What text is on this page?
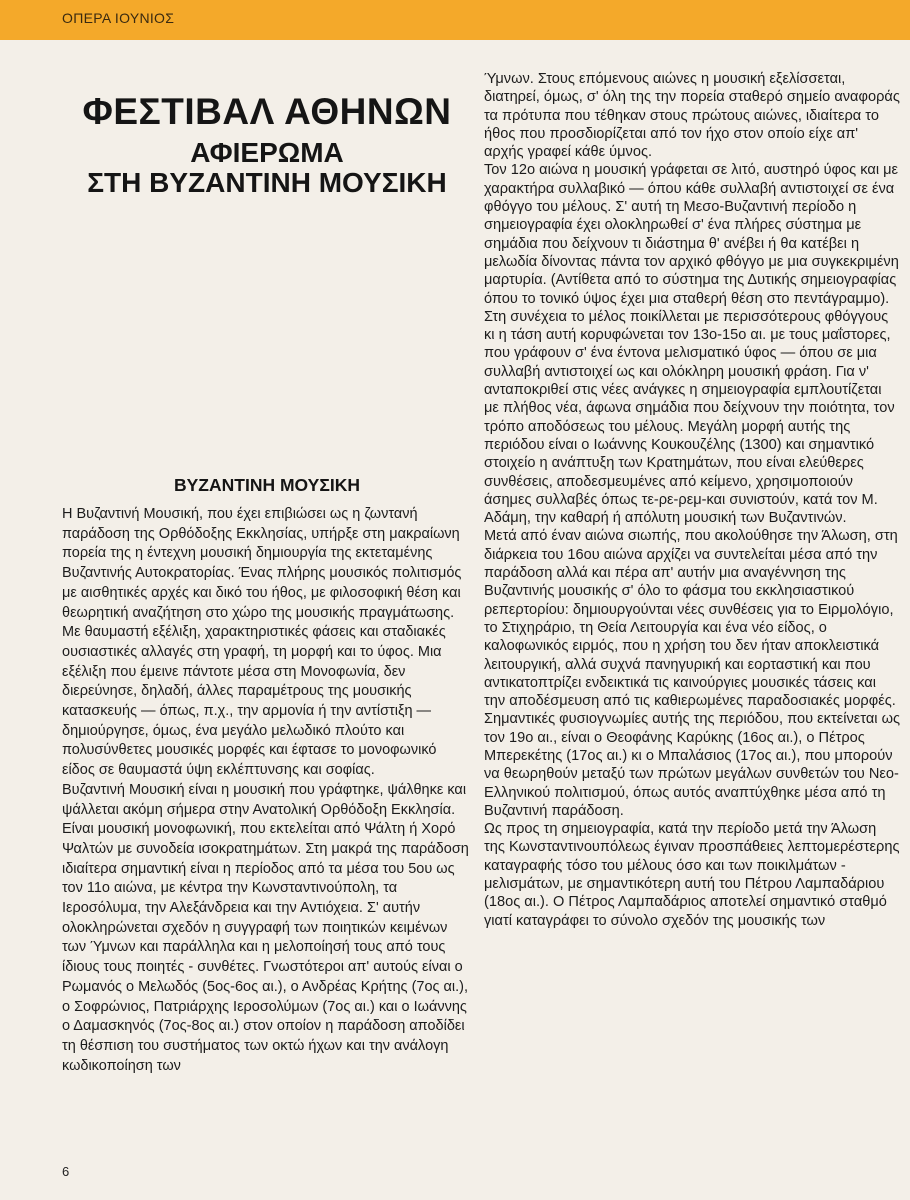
ΟΠΕΡΑ ΙΟΥΝΙΟΣ
ΦΕΣΤΙΒΑΛ ΑΘΗΝΩΝ
ΑΦΙΕΡΩΜΑ
ΣΤΗ ΒΥΖΑΝΤΙΝΗ ΜΟΥΣΙΚΗ
ΒΥΖΑΝΤΙΝΗ ΜΟΥΣΙΚΗ

Η Βυζαντινή Μουσική, που έχει επιβιώσει ως η ζωντανή παράδοση της Ορθόδοξης Εκκλησίας, υπήρξε στη μακραίωνη πορεία της η έντεχνη μουσική δημιουργία της εκτεταμένης Βυζαντινής Αυτοκρατορίας. Ένας πλήρης μουσικός πολιτισμός με αισθητικές αρχές και δικό του ήθος, με φιλοσοφική θέση και θεωρητική αναζήτηση στο χώρο της μουσικής πραγμάτωσης. Με θαυμαστή εξέλιξη, χαρακτηριστικές φάσεις και σταδιακές ουσιαστικές αλλαγές στη γραφή, τη μορφή και το ύφος. Μια εξέλιξη που έμεινε πάντοτε μέσα στη Μονοφωνία, δεν διερεύνησε, δηλαδή, άλλες παραμέτρους της μουσικής κατασκευής — όπως, π.χ., την αρμονία ή την αντίστιξη — δημιούργησε, όμως, ένα μεγάλο μελωδικό πλούτο και πολυσύνθετες μουσικές μορφές και έφτασε το μονοφωνικό είδος σε θαυμαστά ύψη εκλέπτυνσης και σοφίας.

Βυζαντινή Μουσική είναι η μουσική που γράφτηκε, ψάλθηκε και ψάλλεται ακόμη σήμερα στην Ανατολική Ορθόδοξη Εκκλησία. Είναι μουσική μονοφωνική, που εκτελείται από Ψάλτη ή Χορό Ψαλτών με συνοδεία ισοκρατημάτων. Στη μακρά της παράδοση ιδιαίτερα σημαντική είναι η περίοδος από τα μέσα του 5ου ως τον 11ο αιώνα, με κέντρα την Κωνσταντινούπολη, τα Ιεροσόλυμα, την Αλεξάνδρεια και την Αντιόχεια. Σ' αυτήν ολοκληρώνεται σχεδόν η συγγραφή των ποιητικών κειμένων των Ύμνων και παράλληλα και η μελοποίησή τους από τους ίδιους τους ποιητές - συνθέτες. Γνωστότεροι απ' αυτούς είναι ο Ρωμανός ο Μελωδός (5ος-6ος αι.), ο Ανδρέας Κρήτης (7ος αι.), ο Σοφρώνιος, Πατριάρχης Ιεροσολύμων (7ος αι.) και ο Ιωάννης ο Δαμασκηνός (7ος-8ος αι.) στον οποίον η παράδοση αποδίδει τη θέσπιση του συστήματος των οκτώ ήχων και την ανάλογη κωδικοποίηση των

Ύμνων. Στους επόμενους αιώνες η μουσική εξελίσσεται, διατηρεί, όμως, σ' όλη της την πορεία σταθερό σημείο αναφοράς τα πρότυπα που τέθηκαν στους πρώτους αιώνες, ιδιαίτερα το ήθος που προσδιορίζεται από τον ήχο στον οποίο είχε απ' αρχής γραφεί κάθε ύμνος.

Τον 12ο αιώνα η μουσική γράφεται σε λιτό, αυστηρό ύφος και με χαρακτήρα συλλαβικό — όπου κάθε συλλαβή αντιστοιχεί σε ένα φθόγγο του μέλους. Σ' αυτή τη Μεσο-Βυζαντινή περίοδο η σημειογραφία έχει ολοκληρωθεί σ' ένα πλήρες σύστημα με σημάδια που δείχνουν τι διάστημα θ' ανέβει ή θα κατέβει η μελωδία δίνοντας πάντα τον αρχικό φθόγγο με μια συγκεκριμένη μαρτυρία. (Αντίθετα από το σύστημα της Δυτικής σημειογραφίας όπου το τονικό ύψος έχει μια σταθερή θέση στο πεντάγραμμο). Στη συνέχεια το μέλος ποικίλλεται με περισσότερους φθόγγους κι η τάση αυτή κορυφώνεται τον 13ο-15ο αι. με τους μαΐστορες, που γράφουν σ' ένα έντονα μελισματικό ύφος — όπου σε μια συλλαβή αντιστοιχεί ως και ολόκληρη μουσική φράση. Για ν' ανταποκριθεί στις νέες ανάγκες η σημειογραφία εμπλουτίζεται με πλήθος νέα, άφωνα σημάδια που δείχνουν την ποιότητα, τον τρόπο αποδόσεως του μέλους. Μεγάλη μορφή αυτής της περιόδου είναι ο Ιωάννης Κουκουζέλης (1300) και σημαντικό στοιχείο η ανάπτυξη των Κρατημάτων, που είναι ελεύθερες συνθέσεις, αποδεσμευμένες από κείμενο, χρησιμοποιούν άσημες συλλαβές όπως τε-ρε-ρεμ-και συνιστούν, κατά τον Μ. Αδάμη, την καθαρή ή απόλυτη μουσική των Βυζαντινών.

Μετά από έναν αιώνα σιωπής, που ακολούθησε την Άλωση, στη διάρκεια του 16ου αιώνα αρχίζει να συντελείται μέσα από την παράδοση αλλά και πέρα απ' αυτήν μια αναγέννηση της Βυζαντινής μουσικής σ' όλο το φάσμα του εκκλησιαστικού ρεπερτορίου: δημιουργούνται νέες συνθέσεις για το Ειρμολόγιο, το Στιχηράριο, τη Θεία Λειτουργία και ένα νέο είδος, ο καλοφωνικός ειρμός, που η χρήση του δεν ήταν αποκλειστικά λειτουργική, αλλά συχνά πανηγυρική και εορταστική και που αντικατοπτρίζει ενδεικτικά τις καινούργιες μουσικές τάσεις και την αποδέσμευση από τις καθιερωμένες παραδοσιακές μορφές. Σημαντικές φυσιογνωμίες αυτής της περιόδου, που εκτείνεται ως τον 19ο αι., είναι ο Θεοφάνης Καρύκης (16ος αι.), ο Πέτρος Μπερεκέτης (17ος αι.) κι ο Μπαλάσιος (17ος αι.), που μπορούν να θεωρηθούν μεταξύ των πρώτων μεγάλων συνθετών του Νεο-Ελληνικού πολιτισμού, όπως αυτός αναπτύχθηκε μέσα από τη Βυζαντινή παράδοση.

Ως προς τη σημειογραφία, κατά την περίοδο μετά την Άλωση της Κωνσταντινουπόλεως έγιναν προσπάθειες λεπτομερέστερης καταγραφής τόσο του μέλους όσο και των ποικιλμάτων - μελισμάτων, με σημαντικότερη αυτή του Πέτρου Λαμπαδάριου (18ος αι.). Ο Πέτρος Λαμπαδάριος αποτελεί σημαντικό σταθμό γιατί καταγράφει το σύνολο σχεδόν της μουσικής των

6
